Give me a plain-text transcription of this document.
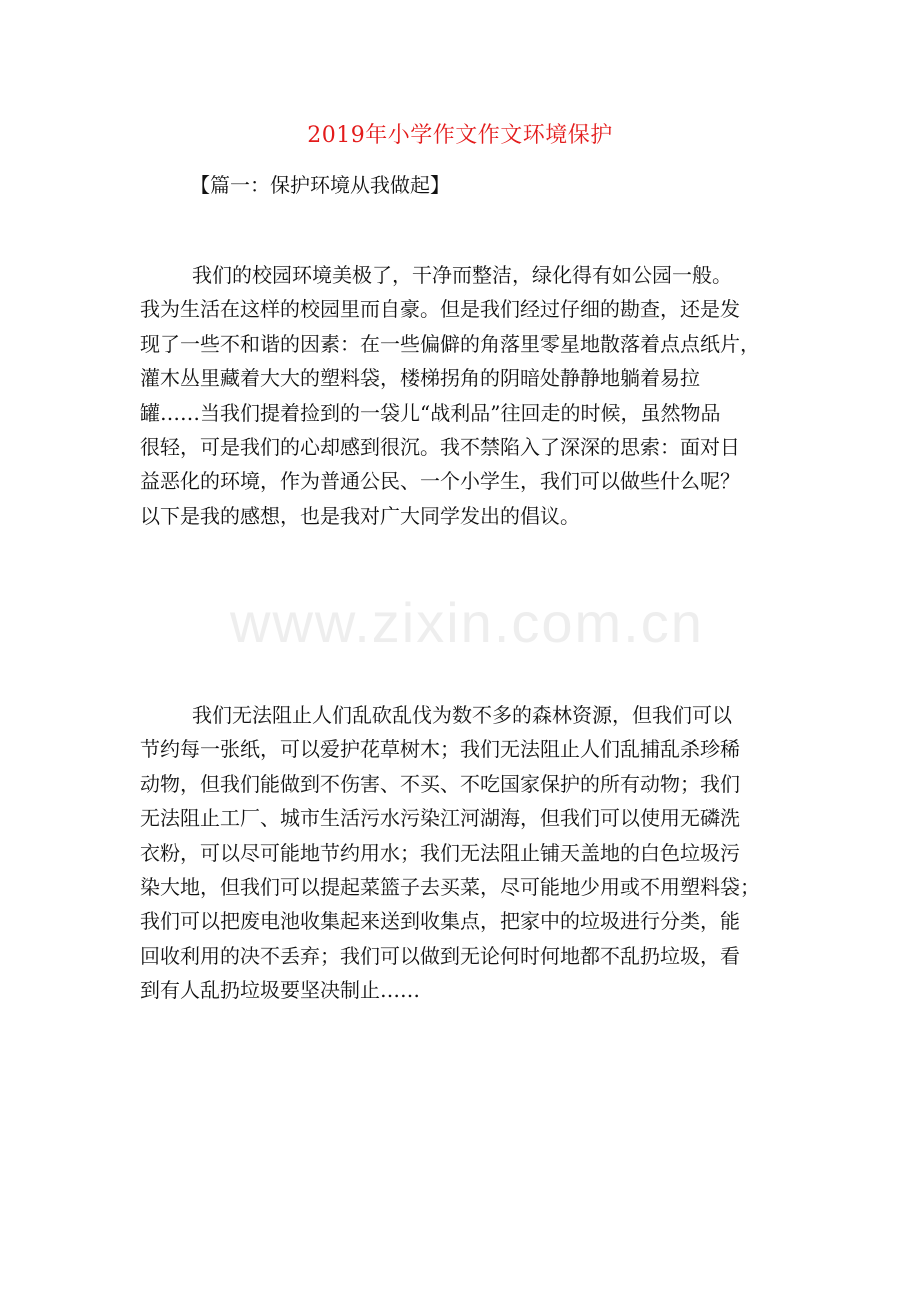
2019年小学作文作文环境保护
【篇一：保护环境从我做起】
我们的校园环境美极了，干净而整洁，绿化得有如公园一般。
我为生活在这样的校园里而自豪。但是我们经过仔细的勘查，还是发
现了一些不和谐的因素：在一些偏僻的角落里零星地散落着点点纸片，
灌木丛里藏着大大的塑料袋，楼梯拐角的阴暗处静静地躺着易拉
罐……当我们提着捡到的一袋儿“战利品”往回走的时候，虽然物品
很轻，可是我们的心却感到很沉。我不禁陷入了深深的思索：面对日
益恶化的环境，作为普通公民、一个小学生，我们可以做些什么呢？
以下是我的感想，也是我对广大同学发出的倡议。
我们无法阻止人们乱砍乱伐为数不多的森林资源，但我们可以
节约每一张纸，可以爱护花草树木；我们无法阻止人们乱捕乱杀珍稀
动物，但我们能做到不伤害、不买、不吃国家保护的所有动物；我们
无法阻止工厂、城市生活污水污染江河湖海，但我们可以使用无磷洗
衣粉，可以尽可能地节约用水；我们无法阻止铺天盖地的白色垃圾污
染大地，但我们可以提起菜篮子去买菜，尽可能地少用或不用塑料袋；
我们可以把废电池收集起来送到收集点，把家中的垃圾进行分类，能
回收利用的决不丢弃；我们可以做到无论何时何地都不乱扔垃圾，看
到有人乱扔垃圾要坚决制止……
www.zixin.com.cn
